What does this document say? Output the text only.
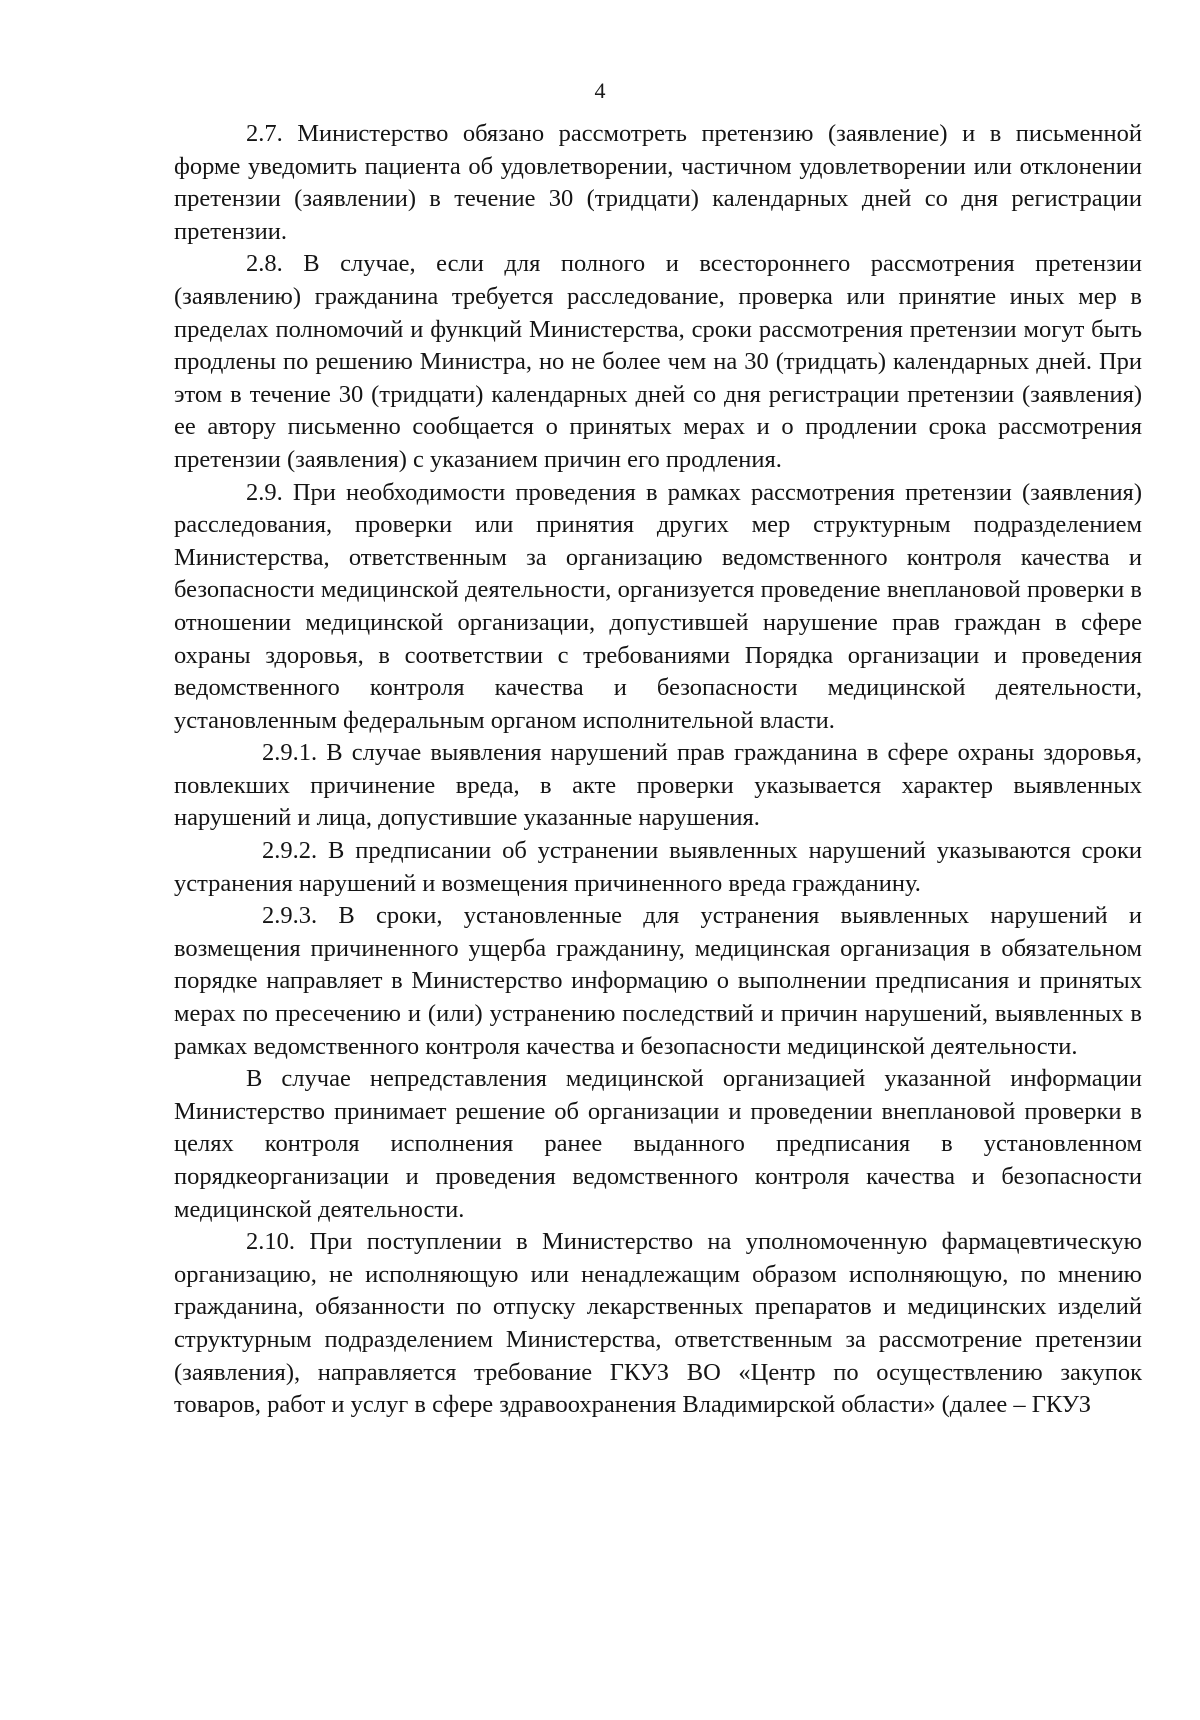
4

2.7. Министерство обязано рассмотреть претензию (заявление) и в письменной форме уведомить пациента об удовлетворении, частичном удовлетворении или отклонении претензии (заявлении) в течение 30 (тридцати) календарных дней со дня регистрации претензии.

2.8. В случае, если для полного и всестороннего рассмотрения претензии (заявлению) гражданина требуется расследование, проверка или принятие иных мер в пределах полномочий и функций Министерства, сроки рассмотрения претензии могут быть продлены по решению Министра, но не более чем на 30 (тридцать) календарных дней. При этом в течение 30 (тридцати) календарных дней со дня регистрации претензии (заявления) ее автору письменно сообщается о принятых мерах и о продлении срока рассмотрения претензии (заявления) с указанием причин его продления.

2.9. При необходимости проведения в рамках рассмотрения претензии (заявления) расследования, проверки или принятия других мер структурным подразделением Министерства, ответственным за организацию ведомственного контроля качества и безопасности медицинской деятельности, организуется проведение внеплановой проверки в отношении медицинской организации, допустившей нарушение прав граждан в сфере охраны здоровья, в соответствии с требованиями Порядка организации и проведения ведомственного контроля качества и безопасности медицинской деятельности, установленным федеральным органом исполнительной власти.

2.9.1. В случае выявления нарушений прав гражданина в сфере охраны здоровья, повлекших причинение вреда, в акте проверки указывается характер выявленных нарушений и лица, допустившие указанные нарушения.

2.9.2. В предписании об устранении выявленных нарушений указываются сроки устранения нарушений и возмещения причиненного вреда гражданину.

2.9.3. В сроки, установленные для устранения выявленных нарушений и возмещения причиненного ущерба гражданину, медицинская организация в обязательном порядке направляет в Министерство информацию о выполнении предписания и принятых мерах по пресечению и (или) устранению последствий и причин нарушений, выявленных в рамках ведомственного контроля качества и безопасности медицинской деятельности.

В случае непредставления медицинской организацией указанной информации Министерство принимает решение об организации и проведении внеплановой проверки в целях контроля исполнения ранее выданного предписания в установленном порядкеорганизации и проведения ведомственного контроля качества и безопасности медицинской деятельности.

2.10. При поступлении в Министерство на уполномоченную фармацевтическую организацию, не исполняющую или ненадлежащим образом исполняющую, по мнению гражданина, обязанности по отпуску лекарственных препаратов и медицинских изделий структурным подразделением Министерства, ответственным за рассмотрение претензии (заявления), направляется требование ГКУЗ ВО «Центр по осуществлению закупок товаров, работ и услуг в сфере здравоохранения Владимирской области» (далее – ГКУЗ
